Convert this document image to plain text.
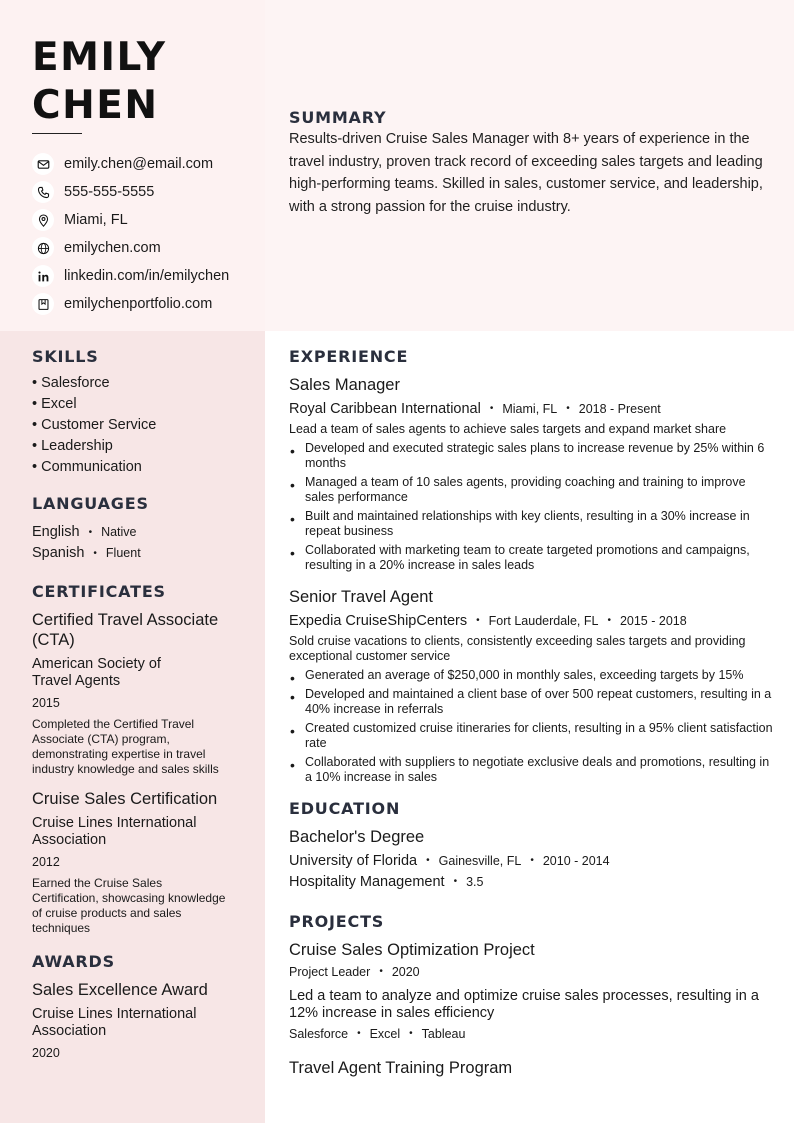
EMILY
CHEN
emily.chen@email.com
555-555-5555
Miami, FL
emilychen.com
linkedin.com/in/emilychen
emilychenportfolio.com
SUMMARY

Results-driven Cruise Sales Manager with 8+ years of experience in the travel industry, proven track record of exceeding sales targets and leading high-performing teams. Skilled in sales, customer service, and leadership, with a strong passion for the cruise industry.

SKILLS
• Salesforce
• Excel
• Customer Service
• Leadership
• Communication
LANGUAGES
English • Native
Spanish • Fluent
CERTIFICATES
Certified Travel Associate (CTA)
American Society of Travel Agents
2015
Completed the Certified Travel Associate (CTA) program, demonstrating expertise in travel industry knowledge and sales skills
Cruise Sales Certification
Cruise Lines International Association
2012
Earned the Cruise Sales Certification, showcasing knowledge of cruise products and sales techniques
AWARDS
Sales Excellence Award
Cruise Lines International Association
2020
EXPERIENCE
Sales Manager
Royal Caribbean International • Miami, FL • 2018 - Present
Lead a team of sales agents to achieve sales targets and expand market share
• Developed and executed strategic sales plans to increase revenue by 25% within 6 months
• Managed a team of 10 sales agents, providing coaching and training to improve sales performance
• Built and maintained relationships with key clients, resulting in a 30% increase in repeat business
• Collaborated with marketing team to create targeted promotions and campaigns, resulting in a 20% increase in sales leads
Senior Travel Agent
Expedia CruiseShipCenters • Fort Lauderdale, FL • 2015 - 2018
Sold cruise vacations to clients, consistently exceeding sales targets and providing exceptional customer service
• Generated an average of $250,000 in monthly sales, exceeding targets by 15%
• Developed and maintained a client base of over 500 repeat customers, resulting in a 40% increase in referrals
• Created customized cruise itineraries for clients, resulting in a 95% client satisfaction rate
• Collaborated with suppliers to negotiate exclusive deals and promotions, resulting in a 10% increase in sales
EDUCATION
Bachelor's Degree
University of Florida • Gainesville, FL • 2010 - 2014
Hospitality Management • 3.5
PROJECTS
Cruise Sales Optimization Project
Project Leader • 2020
Led a team to analyze and optimize cruise sales processes, resulting in a 12% increase in sales efficiency
Salesforce • Excel • Tableau
Travel Agent Training Program
